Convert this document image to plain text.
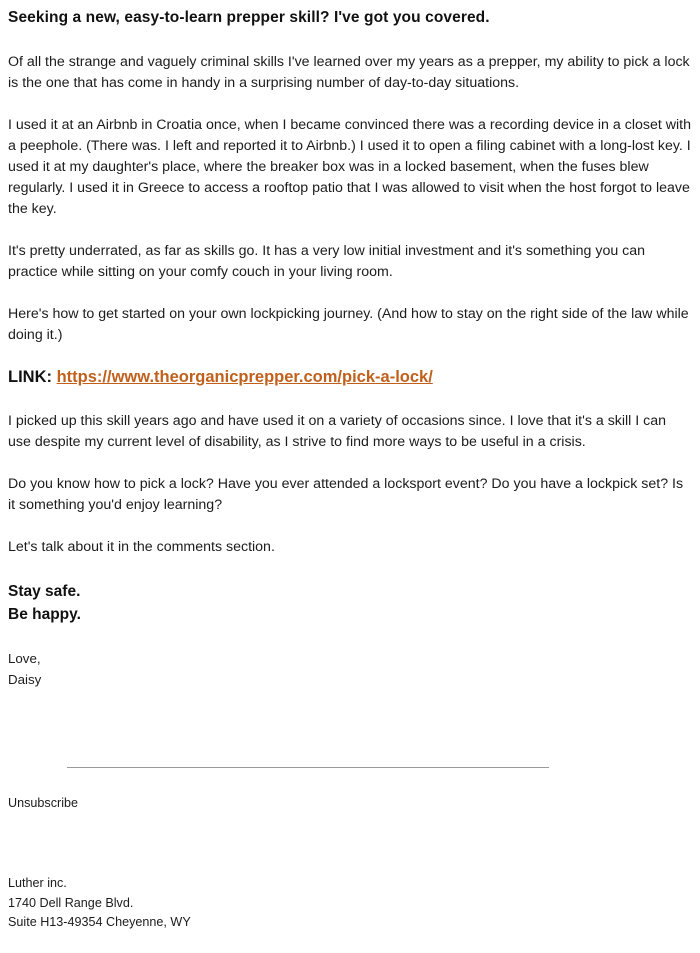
Seeking a new, easy-to-learn prepper skill? I've got you covered.

Of all the strange and vaguely criminal skills I've learned over my years as a prepper, my ability to pick a lock is the one that has come in handy in a surprising number of day-to-day situations.

I used it at an Airbnb in Croatia once, when I became convinced there was a recording device in a closet with a peephole. (There was. I left and reported it to Airbnb.) I used it to open a filing cabinet with a long-lost key. I used it at my daughter's place, where the breaker box was in a locked basement, when the fuses blew regularly. I used it in Greece to access a rooftop patio that I was allowed to visit when the host forgot to leave the key.

It's pretty underrated, as far as skills go. It has a very low initial investment and it's something you can practice while sitting on your comfy couch in your living room.

Here's how to get started on your own lockpicking journey. (And how to stay on the right side of the law while doing it.)

LINK: https://www.theorganicprepper.com/pick-a-lock/

I picked up this skill years ago and have used it on a variety of occasions since. I love that it's a skill I can use despite my current level of disability, as I strive to find more ways to be useful in a crisis.

Do you know how to pick a lock? Have you ever attended a locksport event? Do you have a lockpick set? Is it something you'd enjoy learning?

Let's talk about it in the comments section.

Stay safe.
Be happy.

Love,
Daisy

Unsubscribe

Luther inc.
1740 Dell Range Blvd.
Suite H13-49354 Cheyenne, WY
